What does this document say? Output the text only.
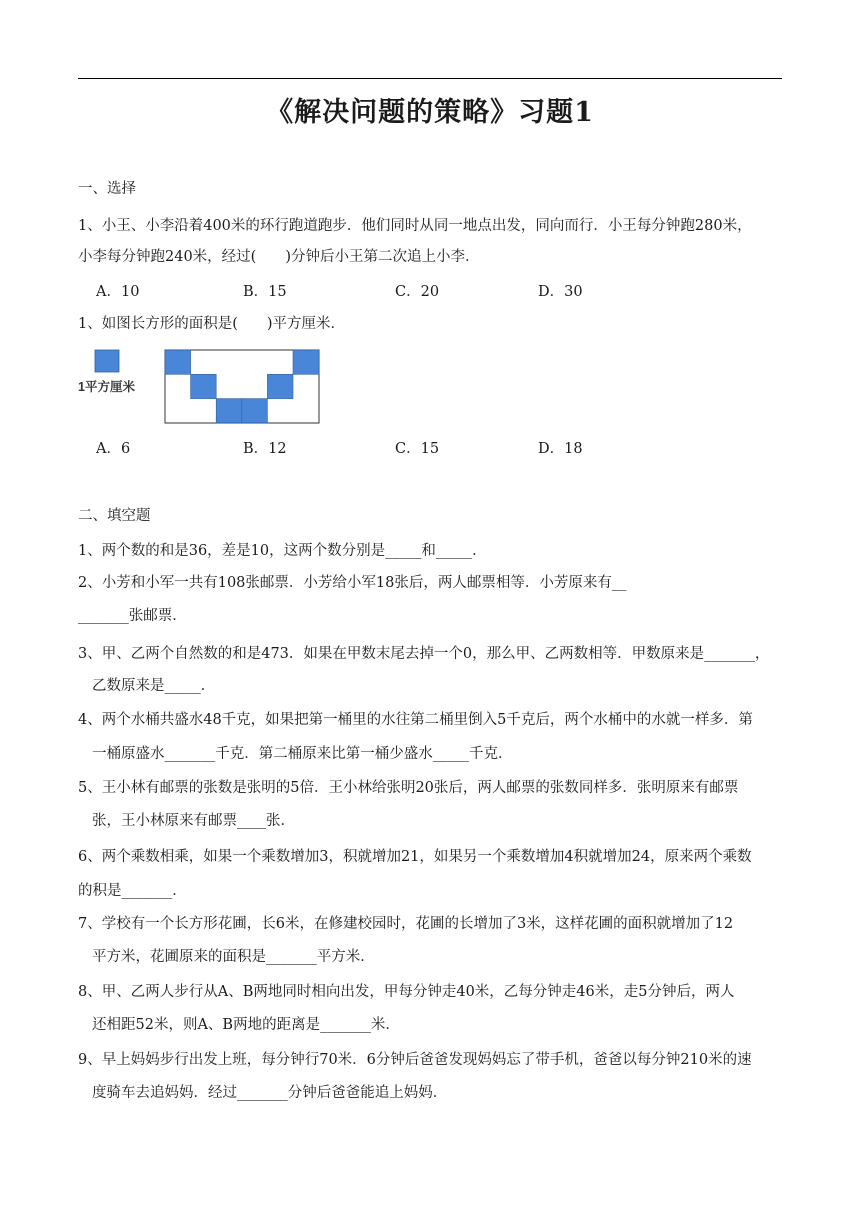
《解决问题的策略》习题1
一、选择
1、小王、小李沿着400米的环行跑道跑步．他们同时从同一地点出发，同向而行．小王每分钟跑280米，
小李每分钟跑240米，经过(　　)分钟后小王第二次追上小李．
A．10	B．15	C．20	D．30
1、如图长方形的面积是(　　)平方厘米．
1平方厘米
A．6	B．12	C．15	D．18
二、填空题
1、两个数的和是36，差是10，这两个数分别是_____和_____．
2、小芳和小军一共有108张邮票．小芳给小军18张后，两人邮票相等．小芳原来有__
_______张邮票．
3、甲、乙两个自然数的和是473．如果在甲数末尾去掉一个0，那么甲、乙两数相等．甲数原来是_______，
乙数原来是_____．
4、两个水桶共盛水48千克，如果把第一桶里的水往第二桶里倒入5千克后，两个水桶中的水就一样多．第
一桶原盛水_______千克．第二桶原来比第一桶少盛水_____千克．
5、王小林有邮票的张数是张明的5倍．王小林给张明20张后，两人邮票的张数同样多．张明原来有邮票
张，王小林原来有邮票____张．
6、两个乘数相乘，如果一个乘数增加3，积就增加21，如果另一个乘数增加4积就增加24，原来两个乘数
的积是_______．
7、学校有一个长方形花圃，长6米，在修建校园时，花圃的长增加了3米，这样花圃的面积就增加了12
平方米，花圃原来的面积是_______平方米．
8、甲、乙两人步行从A、B两地同时相向出发，甲每分钟走40米，乙每分钟走46米，走5分钟后，两人
还相距52米，则A、B两地的距离是_______米．
9、早上妈妈步行出发上班，每分钟行70米．6分钟后爸爸发现妈妈忘了带手机，爸爸以每分钟210米的速
度骑车去追妈妈．经过_______分钟后爸爸能追上妈妈．
